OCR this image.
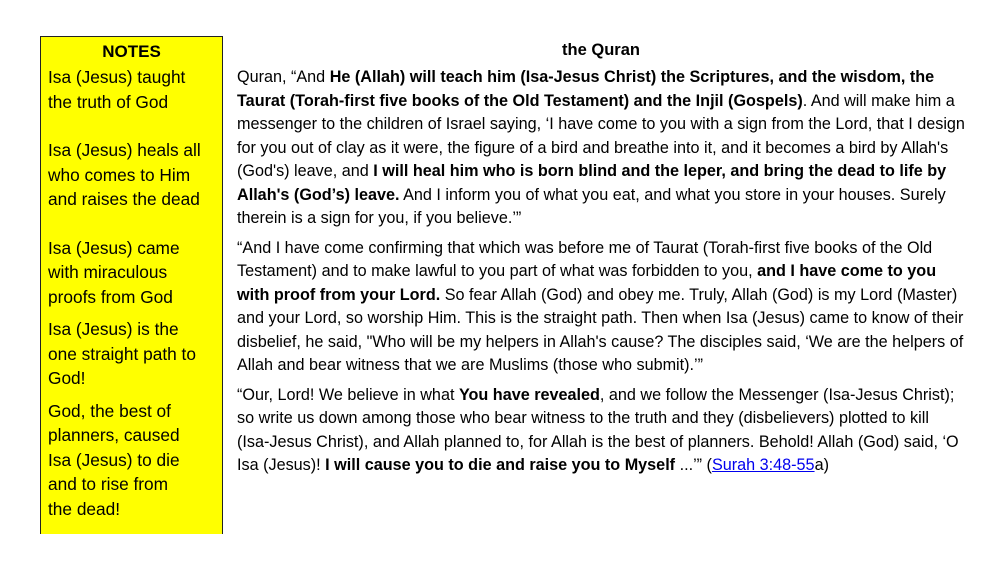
NOTES
Isa (Jesus) taught
the truth of God
Isa (Jesus) heals all
who comes to Him
and raises the dead
Isa (Jesus) came
with miraculous
proofs from God
Isa (Jesus) is the
one straight path to
God!
God, the best of
planners, caused
Isa (Jesus) to die
and to rise from
the dead!
the Quran

Quran, “And He (Allah) will teach him (Isa-Jesus Christ) the Scriptures, and the wisdom, the Taurat (Torah-first five books of the Old Testament) and the Injil (Gospels). And will make him a messenger to the children of Israel saying, ‘I have come to you with a sign from the Lord, that I design for you out of clay as it were, the figure of a bird and breathe into it, and it becomes a bird by Allah's (God's) leave, and I will heal him who is born blind and the leper, and bring the dead to life by Allah's (God’s) leave. And I inform you of what you eat, and what you store in your houses. Surely therein is a sign for you, if you believe.’”

“And I have come confirming that which was before me of Taurat (Torah-first five books of the Old Testament) and to make lawful to you part of what was forbidden to you, and I have come to you with proof from your Lord. So fear Allah (God) and obey me. Truly, Allah (God) is my Lord (Master) and your Lord, so worship Him. This is the straight path. Then when Isa (Jesus) came to know of their disbelief, he said, "Who will be my helpers in Allah's cause? The disciples said, ‘We are the helpers of Allah and bear witness that we are Muslims (those who submit).’”

“Our, Lord! We believe in what You have revealed, and we follow the Messenger (Isa-Jesus Christ); so write us down among those who bear witness to the truth and they (disbelievers) plotted to kill (Isa-Jesus Christ), and Allah planned to, for Allah is the best of planners. Behold! Allah (God) said, ‘O Isa (Jesus)! I will cause you to die and raise you to Myself ...’” (Surah 3:48-55a)
